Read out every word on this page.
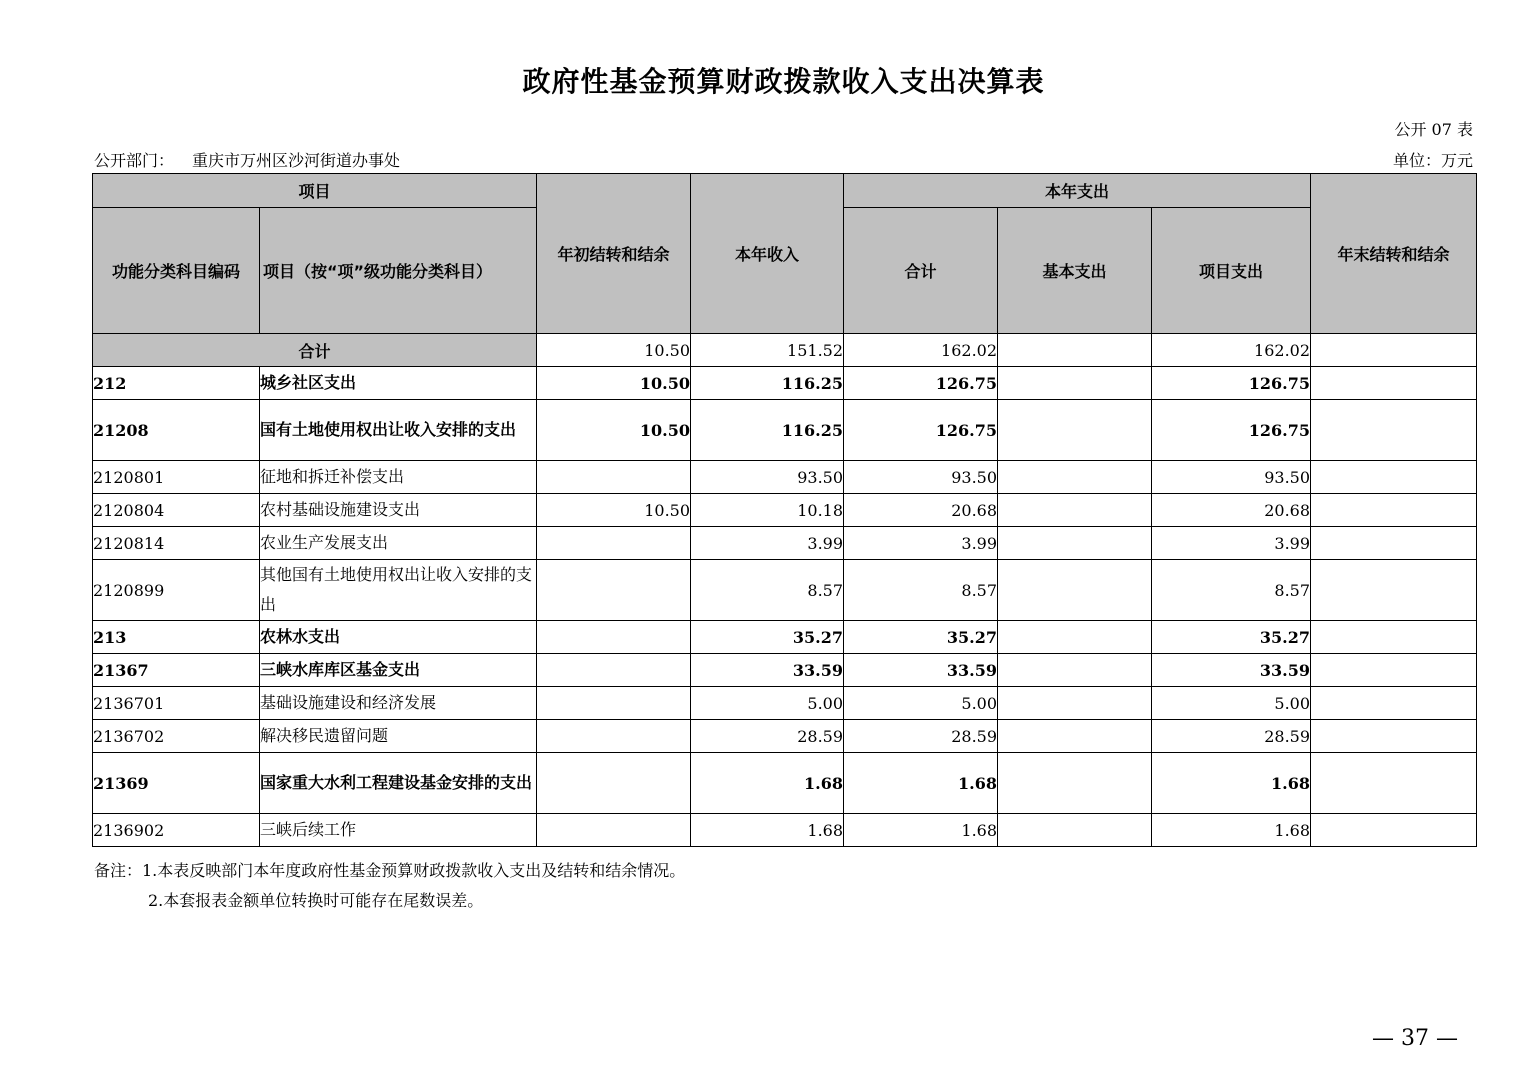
政府性基金预算财政拨款收入支出决算表
公开 07 表
公开部门： 重庆市万州区沙河街道办事处	单位：万元
项目		年初结转和结余	本年收入	本年支出			年末结转和结余
功能分类科目编码	项目（按“项”级功能分类科目）			合计	基本支出	项目支出	
合计		10.50	151.52	162.02		162.02	
212	城乡社区支出	10.50	116.25	126.75		126.75	
21208	国有土地使用权出让收入安排的支出	10.50	116.25	126.75		126.75	
2120801	征地和拆迁补偿支出		93.50	93.50		93.50	
2120804	农村基础设施建设支出	10.50	10.18	20.68		20.68	
2120814	农业生产发展支出		3.99	3.99		3.99	
2120899	其他国有土地使用权出让收入安排的支出		8.57	8.57		8.57	
213	农林水支出		35.27	35.27		35.27	
21367	三峡水库库区基金支出		33.59	33.59		33.59	
2136701	基础设施建设和经济发展		5.00	5.00		5.00	
2136702	解决移民遗留问题		28.59	28.59		28.59	
21369	国家重大水利工程建设基金安排的支出		1.68	1.68		1.68	
2136902	三峡后续工作		1.68	1.68		1.68	
备注：1.本表反映部门本年度政府性基金预算财政拨款收入支出及结转和结余情况。
2.本套报表金额单位转换时可能存在尾数误差。
— 37 —
